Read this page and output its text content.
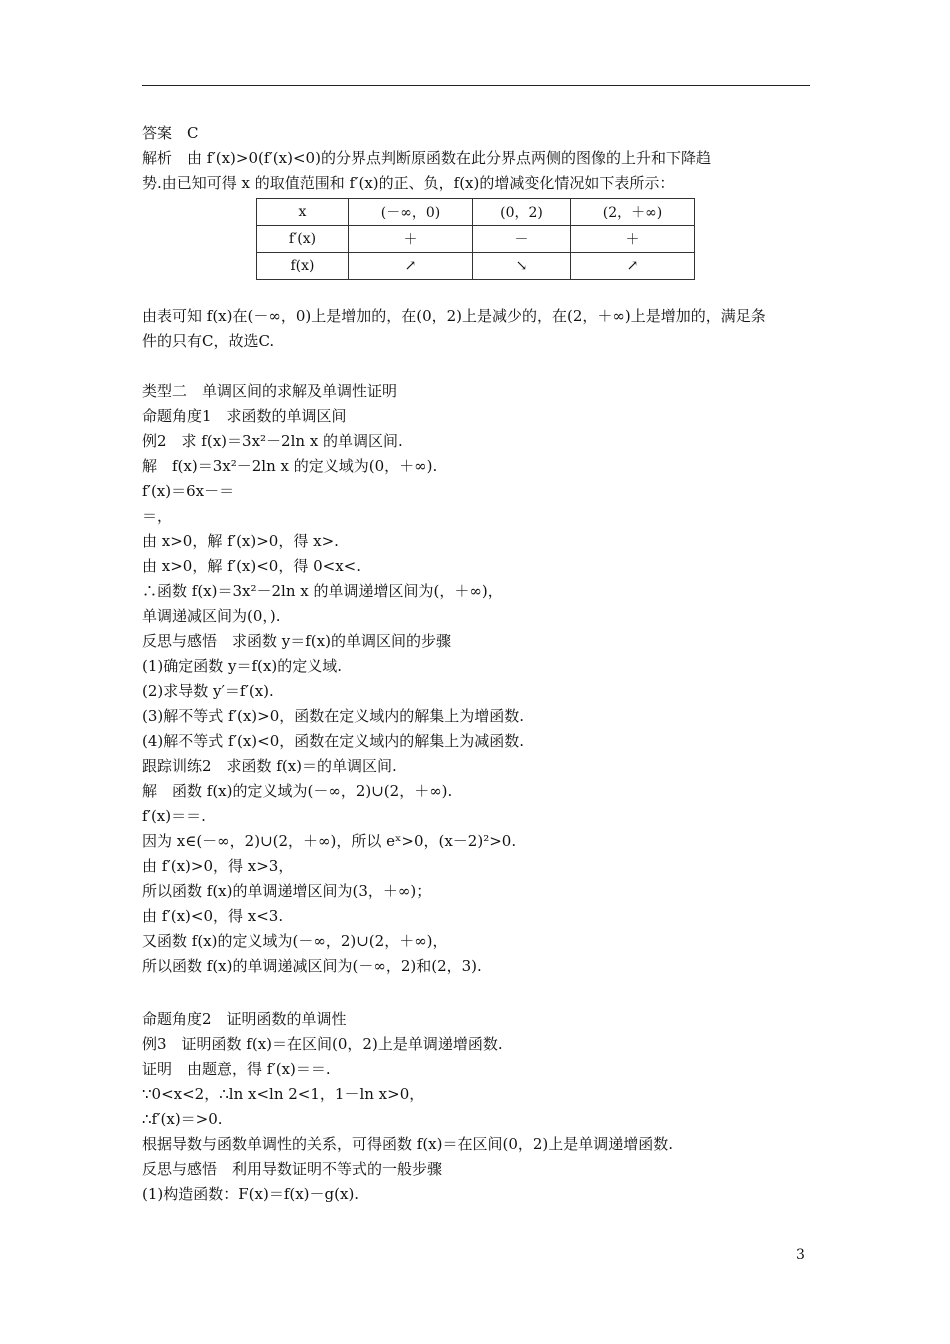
答案　C
解析　由 f′(x)>0(f′(x)<0)的分界点判断原函数在此分界点两侧的图像的上升和下降趋
势.由已知可得 x 的取值范围和 f′(x)的正、负，f(x)的增减变化情况如下表所示：
x	(－∞，0)	(0，2)	(2，＋∞)
f′(x)	＋	－	＋
f(x)	↗	↘	↗
由表可知 f(x)在(－∞，0)上是增加的，在(0，2)上是减少的，在(2，＋∞)上是增加的，满足条
件的只有C，故选C.
类型二　单调区间的求解及单调性证明
命题角度1　求函数的单调区间
例2　求 f(x)＝3x²－2ln x 的单调区间.
解　f(x)＝3x²－2ln x 的定义域为(0，＋∞).
f′(x)＝6x－＝
＝，
由 x>0，解 f′(x)>0，得 x>.
由 x>0，解 f′(x)<0，得 0<x<.
∴函数 f(x)＝3x²－2ln x 的单调递增区间为(，＋∞)，
单调递减区间为(0，).
反思与感悟　求函数 y＝f(x)的单调区间的步骤
(1)确定函数 y＝f(x)的定义域.
(2)求导数 y′＝f′(x).
(3)解不等式 f′(x)>0，函数在定义域内的解集上为增函数.
(4)解不等式 f′(x)<0，函数在定义域内的解集上为减函数.
跟踪训练2　求函数 f(x)＝的单调区间.
解　函数 f(x)的定义域为(－∞，2)∪(2，＋∞).
f′(x)＝＝.
因为 x∈(－∞，2)∪(2，＋∞)，所以 eˣ>0，(x－2)²>0.
由 f′(x)>0，得 x>3，
所以函数 f(x)的单调递增区间为(3，＋∞)；
由 f′(x)<0，得 x<3.
又函数 f(x)的定义域为(－∞，2)∪(2，＋∞)，
所以函数 f(x)的单调递减区间为(－∞，2)和(2，3).
命题角度2　证明函数的单调性
例3　证明函数 f(x)＝在区间(0，2)上是单调递增函数.
证明　由题意，得 f′(x)＝＝.
∵0<x<2，∴ln x<ln 2<1，1－ln x>0，
∴f′(x)＝>0.
根据导数与函数单调性的关系，可得函数 f(x)＝在区间(0，2)上是单调递增函数.
反思与感悟　利用导数证明不等式的一般步骤
(1)构造函数：F(x)＝f(x)－g(x).
3
